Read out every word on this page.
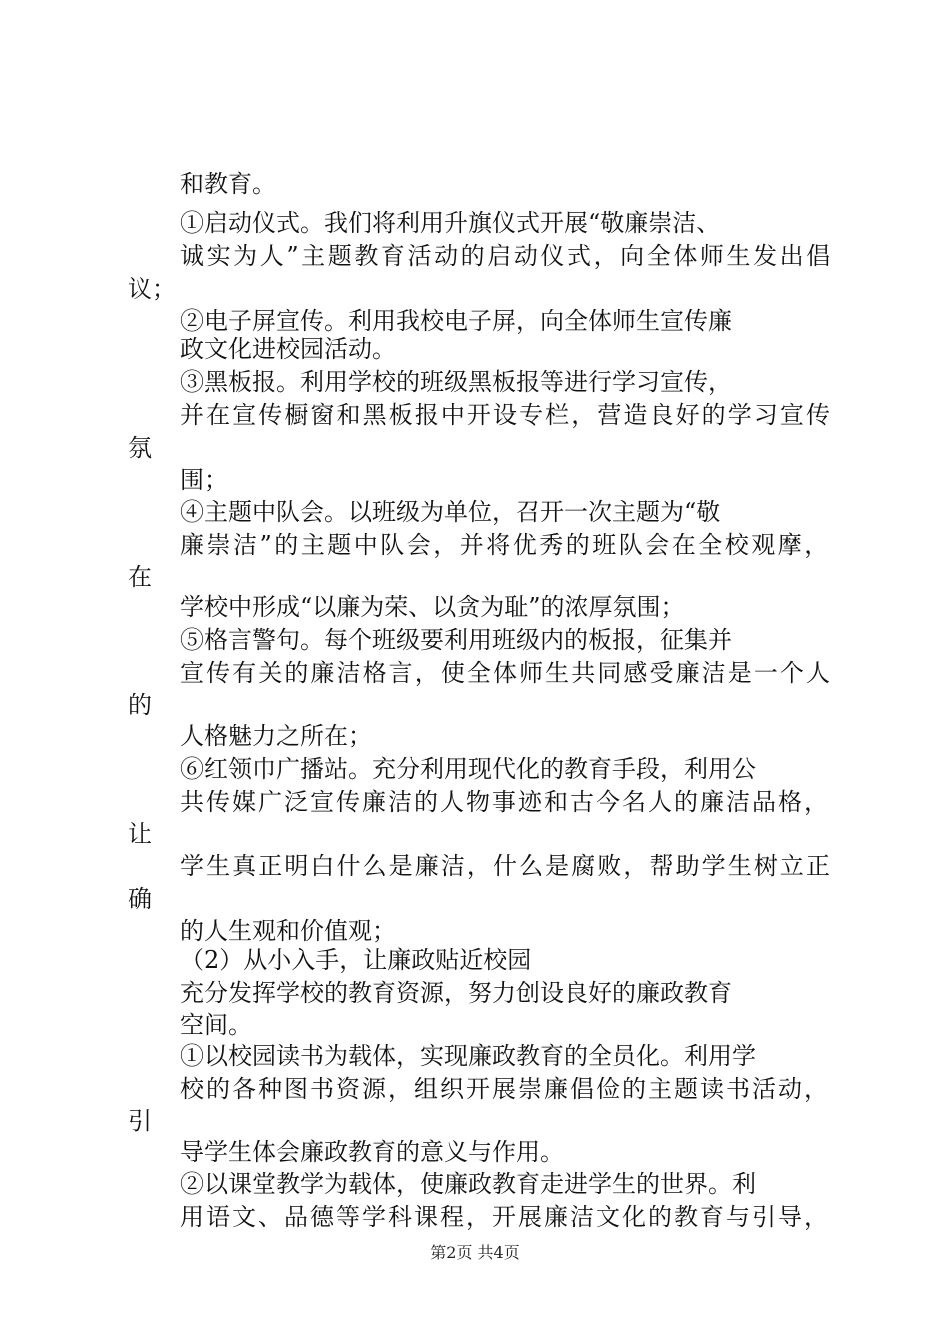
和教育。
①启动仪式。我们将利用升旗仪式开展“敬廉崇洁、
诚实为人”主题教育活动的启动仪式，向全体师生发出倡
议；
②电子屏宣传。利用我校电子屏，向全体师生宣传廉
政文化进校园活动。
③黑板报。利用学校的班级黑板报等进行学习宣传，
并在宣传橱窗和黑板报中开设专栏，营造良好的学习宣传
氛
围；
④主题中队会。以班级为单位，召开一次主题为“敬
廉崇洁”的主题中队会，并将优秀的班队会在全校观摩，
在
学校中形成“以廉为荣、以贪为耻”的浓厚氛围；
⑤格言警句。每个班级要利用班级内的板报，征集并
宣传有关的廉洁格言，使全体师生共同感受廉洁是一个人
的
人格魅力之所在；
⑥红领巾广播站。充分利用现代化的教育手段，利用公
共传媒广泛宣传廉洁的人物事迹和古今名人的廉洁品格，
让
学生真正明白什么是廉洁，什么是腐败，帮助学生树立正
确
的人生观和价值观；
（2）从小入手，让廉政贴近校园
充分发挥学校的教育资源，努力创设良好的廉政教育
空间。
①以校园读书为载体，实现廉政教育的全员化。利用学
校的各种图书资源，组织开展崇廉倡俭的主题读书活动，
引
导学生体会廉政教育的意义与作用。
②以课堂教学为载体，使廉政教育走进学生的世界。利
用语文、品德等学科课程，开展廉洁文化的教育与引导，
第2页 共4页
